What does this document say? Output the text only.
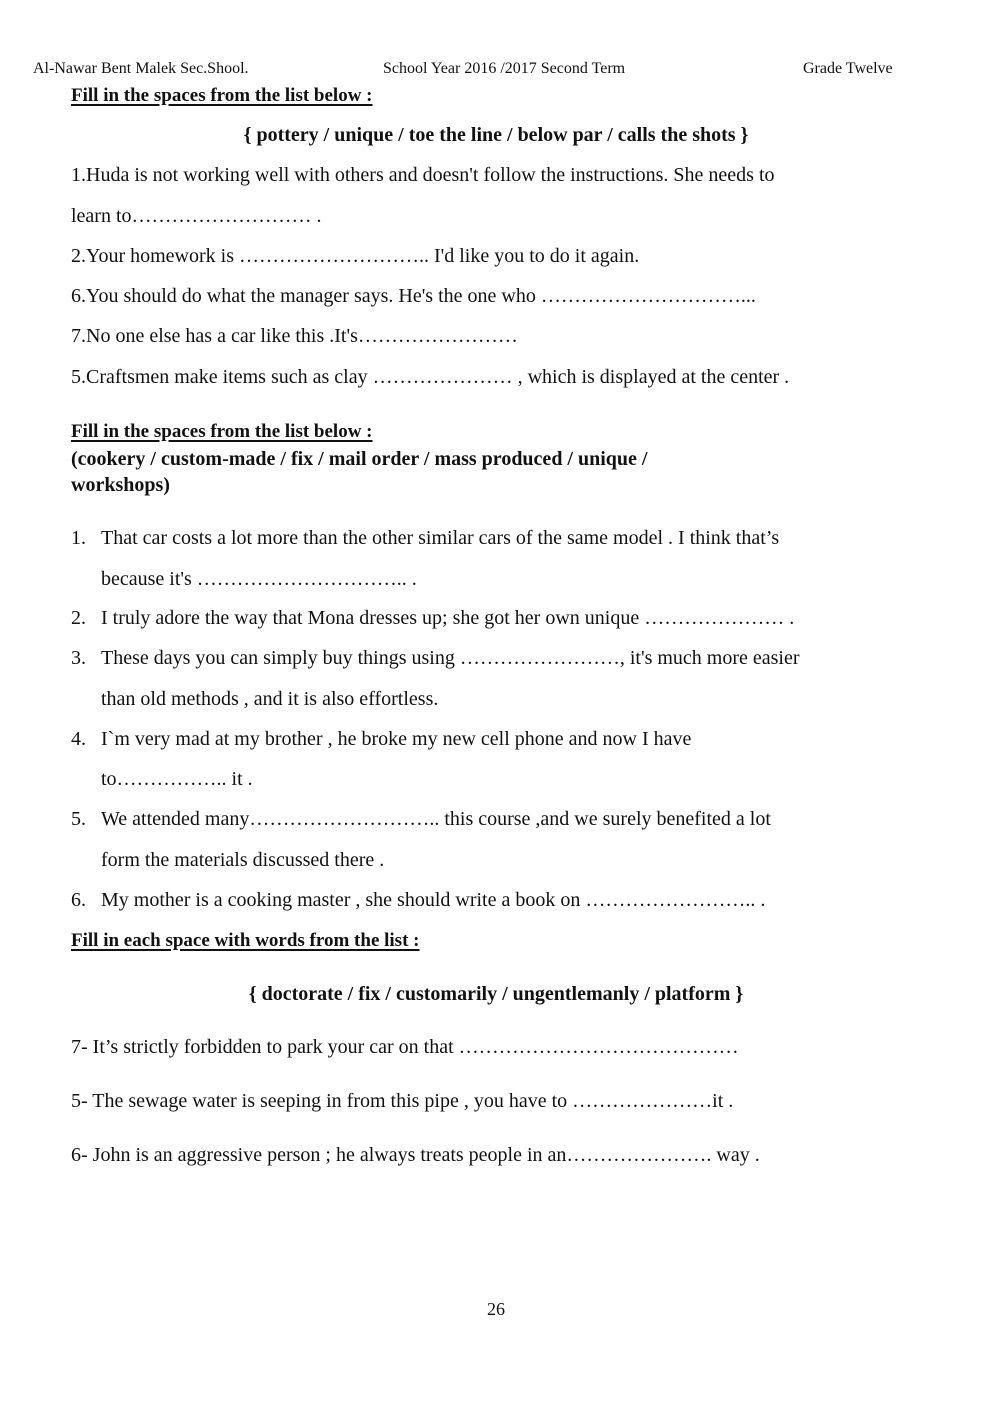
Al-Nawar Bent Malek Sec.Shool.	School Year 2016 /2017 Second Term	Grade Twelve
Fill in the spaces from the list below :
{ pottery / unique / toe the line / below par / calls the shots }
1.Huda is not working well with others and doesn't follow the instructions. She needs to
learn to……………………… .
2.Your homework is ……………………….. I'd like you to do it again.
6.You should do what the manager says. He's the one who …………………………...
7.No one else has a car like this .It's……………………
5.Craftsmen make items such as clay ………………… , which is displayed at the center .
Fill in the spaces from the list below :
(cookery / custom-made / fix / mail order / mass produced / unique /
workshops)
1. That car costs a lot more than the other similar cars of the same model . I think that’s
because it's ………………………….. .
2. I truly adore the way that Mona dresses up; she got her own unique ………………… .
3. These days you can simply buy things using ……………………, it's much more easier
than old methods , and it is also effortless.
4. I`m very mad at my brother , he broke my new cell phone and now I have
to…………….. it .
5. We attended many……………………….. this course ,and we surely benefited a lot
form the materials discussed there .
6. My mother is a cooking master , she should write a book on …………………….. .
Fill in each space with words from the list :
{ doctorate / fix / customarily / ungentlemanly / platform }
7- It’s strictly forbidden to park your car on that ……………………………………
5- The sewage water is seeping in from this pipe , you have to …………………it .
6- John is an aggressive person ; he always treats people in an…………………. way .
26
